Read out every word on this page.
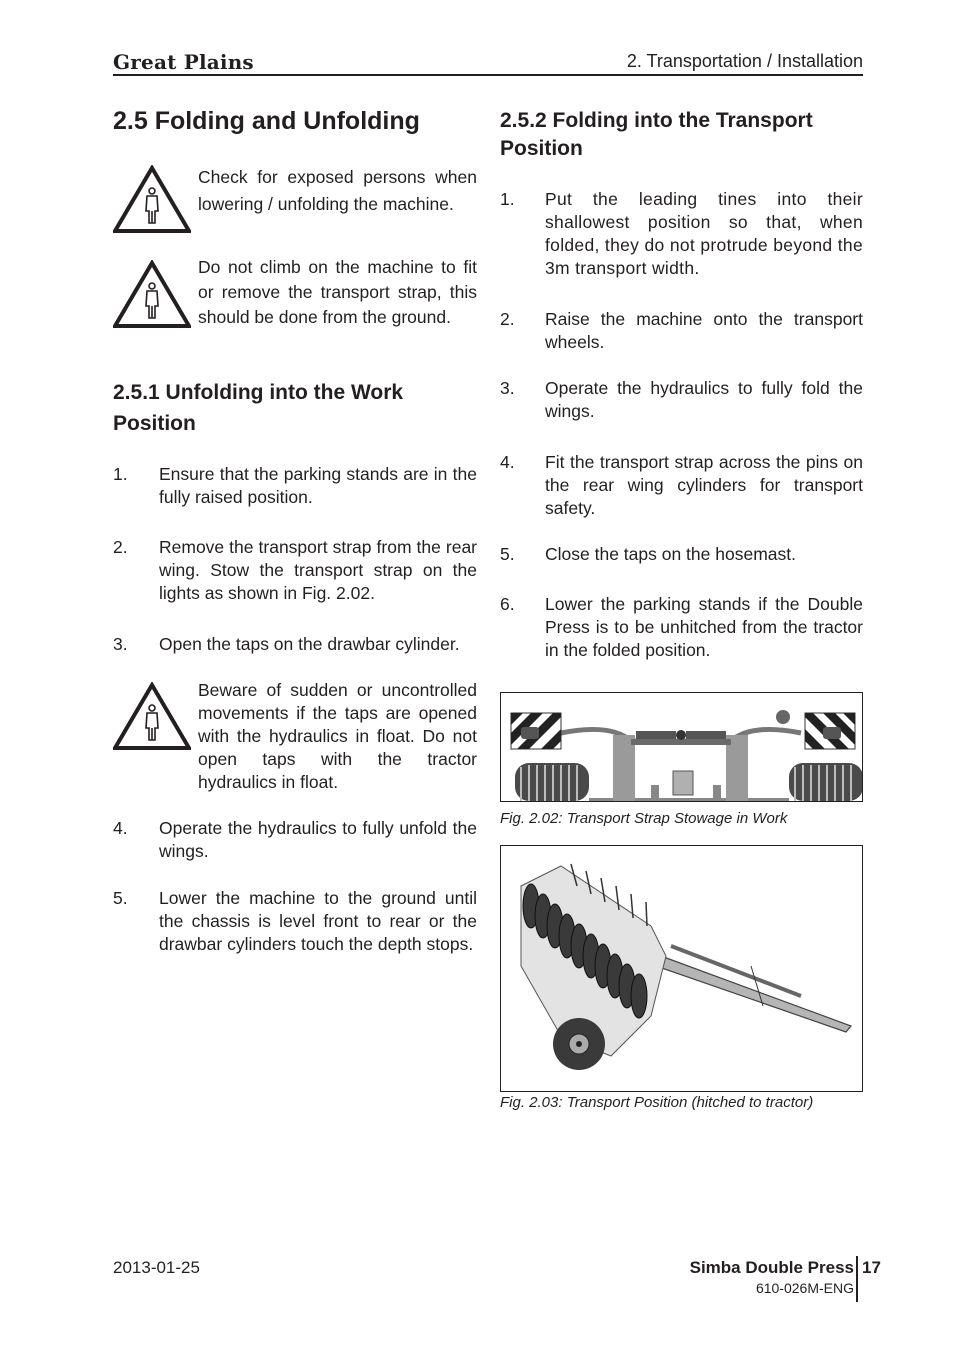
Great Plains	2. Transportation / Installation
2.5 Folding and Unfolding
Check for exposed persons when lowering / unfolding the machine.
Do not climb on the machine to fit or remove the transport strap, this should be done from the ground.
2.5.1 Unfolding into the Work Position
1. Ensure that the parking stands are in the fully raised position.
2. Remove the transport strap from the rear wing. Stow the transport strap on the lights as shown in Fig. 2.02.
3. Open the taps on the drawbar cylinder.
Beware of sudden or uncontrolled movements if the taps are opened with the hydraulics in float. Do not open taps with the tractor hydraulics in float.
4. Operate the hydraulics to fully unfold the wings.
5. Lower the machine to the ground until the chassis is level front to rear or the drawbar cylinders touch the depth stops.
2.5.2 Folding into the Transport Position
1. Put the leading tines into their shallowest position so that, when folded, they do not protrude beyond the 3m transport width.
2. Raise the machine onto the transport wheels.
3. Operate the hydraulics to fully fold the wings.
4. Fit the transport strap across the pins on the rear wing cylinders for transport safety.
5. Close the taps on the hosemast.
6. Lower the parking stands if the Double Press is to be unhitched from the tractor in the folded position.
Fig. 2.02: Transport Strap Stowage in Work
Fig. 2.03: Transport Position (hitched to tractor)
2013-01-25	Simba Double Press
610-026M-ENG
17
